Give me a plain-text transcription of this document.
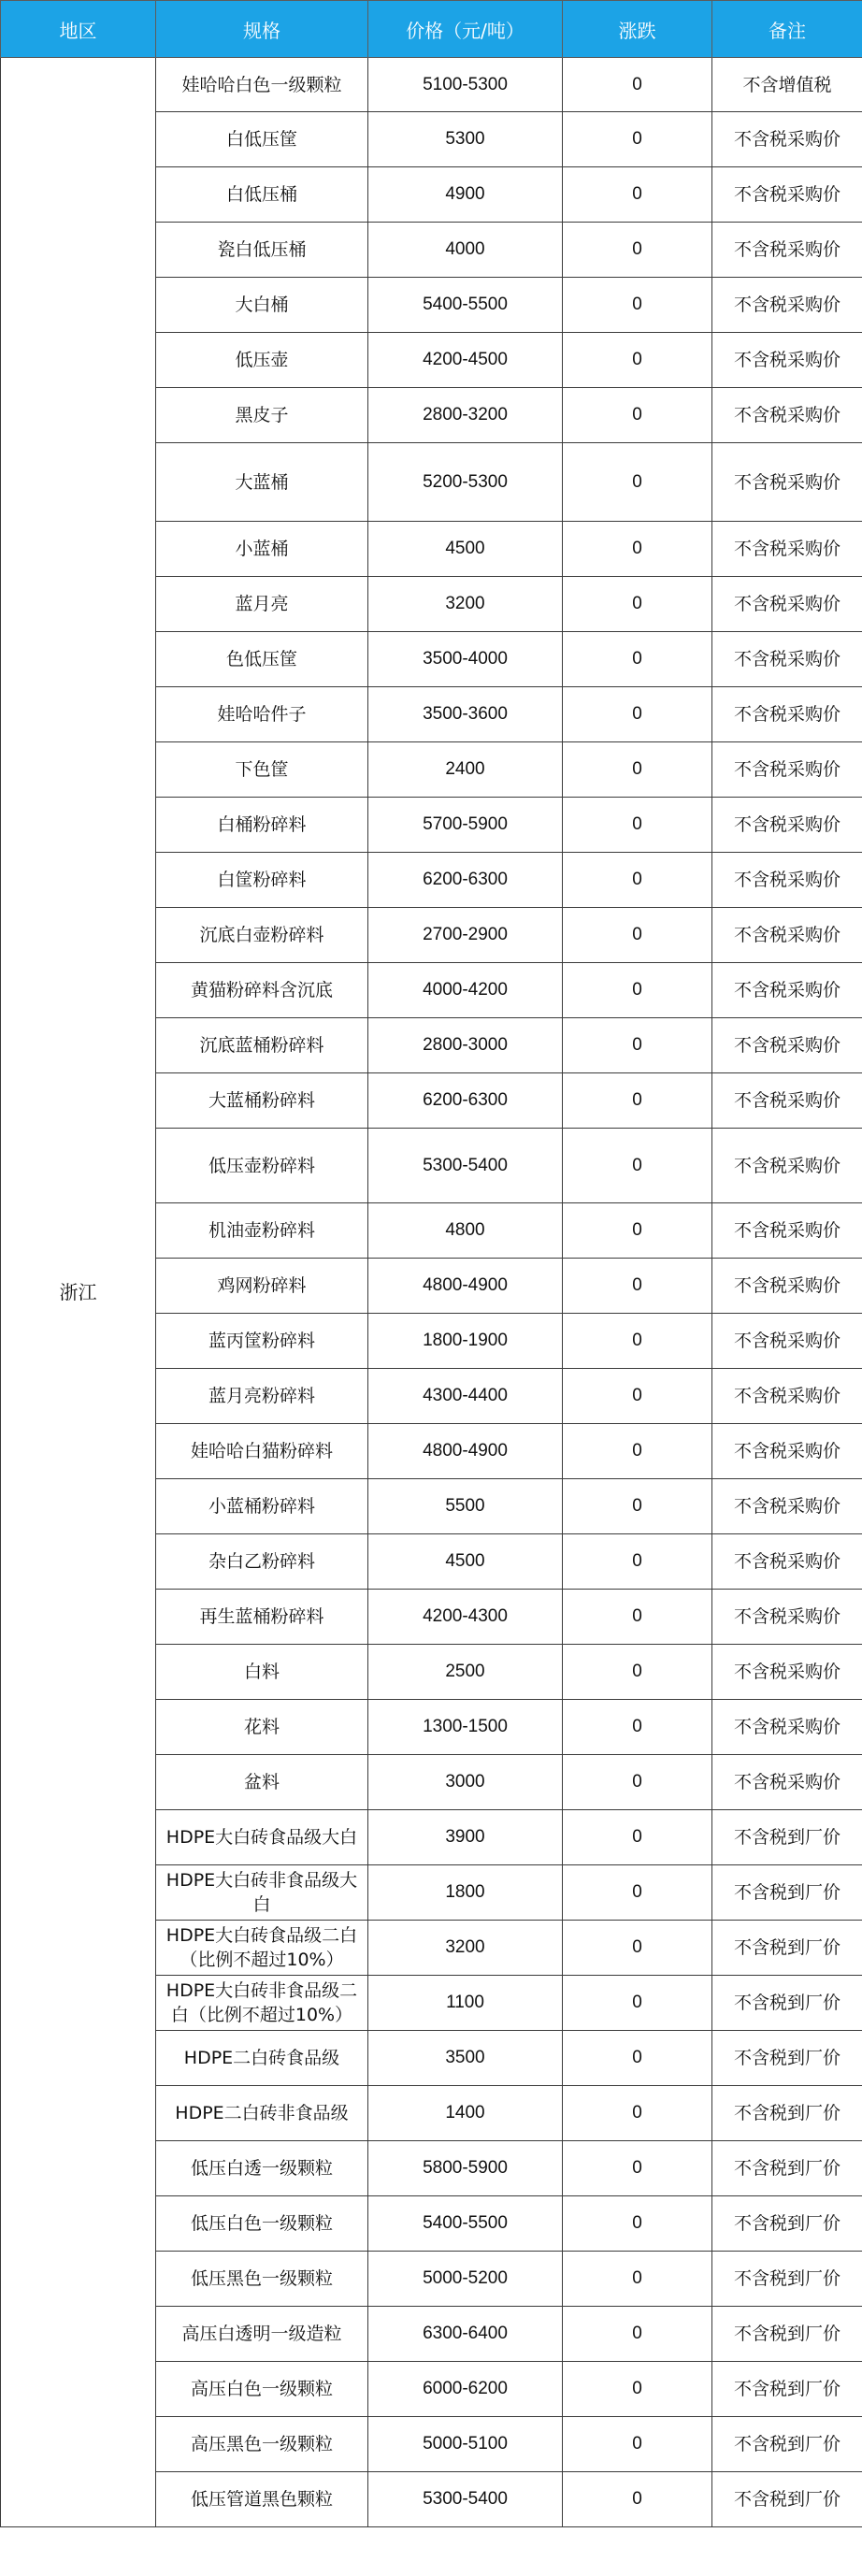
地区	规格	价格（元/吨）	涨跌	备注
浙江	娃哈哈白色一级颗粒	5100-5300	0	不含增值税
	白低压筐	5300	0	不含税采购价
	白低压桶	4900	0	不含税采购价
	瓷白低压桶	4000	0	不含税采购价
	大白桶	5400-5500	0	不含税采购价
	低压壶	4200-4500	0	不含税采购价
	黑皮子	2800-3200	0	不含税采购价
	大蓝桶	5200-5300	0	不含税采购价
	小蓝桶	4500	0	不含税采购价
	蓝月亮	3200	0	不含税采购价
	色低压筐	3500-4000	0	不含税采购价
	娃哈哈件子	3500-3600	0	不含税采购价
	下色筐	2400	0	不含税采购价
	白桶粉碎料	5700-5900	0	不含税采购价
	白筐粉碎料	6200-6300	0	不含税采购价
	沉底白壶粉碎料	2700-2900	0	不含税采购价
	黄猫粉碎料含沉底	4000-4200	0	不含税采购价
	沉底蓝桶粉碎料	2800-3000	0	不含税采购价
	大蓝桶粉碎料	6200-6300	0	不含税采购价
	低压壶粉碎料	5300-5400	0	不含税采购价
	机油壶粉碎料	4800	0	不含税采购价
	鸡网粉碎料	4800-4900	0	不含税采购价
	蓝丙筐粉碎料	1800-1900	0	不含税采购价
	蓝月亮粉碎料	4300-4400	0	不含税采购价
	娃哈哈白猫粉碎料	4800-4900	0	不含税采购价
	小蓝桶粉碎料	5500	0	不含税采购价
	杂白乙粉碎料	4500	0	不含税采购价
	再生蓝桶粉碎料	4200-4300	0	不含税采购价
	白料	2500	0	不含税采购价
	花料	1300-1500	0	不含税采购价
	盆料	3000	0	不含税采购价
	HDPE大白砖食品级大白	3900	0	不含税到厂价
	HDPE大白砖非食品级大白	1800	0	不含税到厂价
	HDPE大白砖食品级二白（比例不超过10%）	3200	0	不含税到厂价
	HDPE大白砖非食品级二白（比例不超过10%）	1100	0	不含税到厂价
	HDPE二白砖食品级	3500	0	不含税到厂价
	HDPE二白砖非食品级	1400	0	不含税到厂价
	低压白透一级颗粒	5800-5900	0	不含税到厂价
	低压白色一级颗粒	5400-5500	0	不含税到厂价
	低压黑色一级颗粒	5000-5200	0	不含税到厂价
	高压白透明一级造粒	6300-6400	0	不含税到厂价
	高压白色一级颗粒	6000-6200	0	不含税到厂价
	高压黑色一级颗粒	5000-5100	0	不含税到厂价
	低压管道黑色颗粒	5300-5400	0	不含税到厂价
